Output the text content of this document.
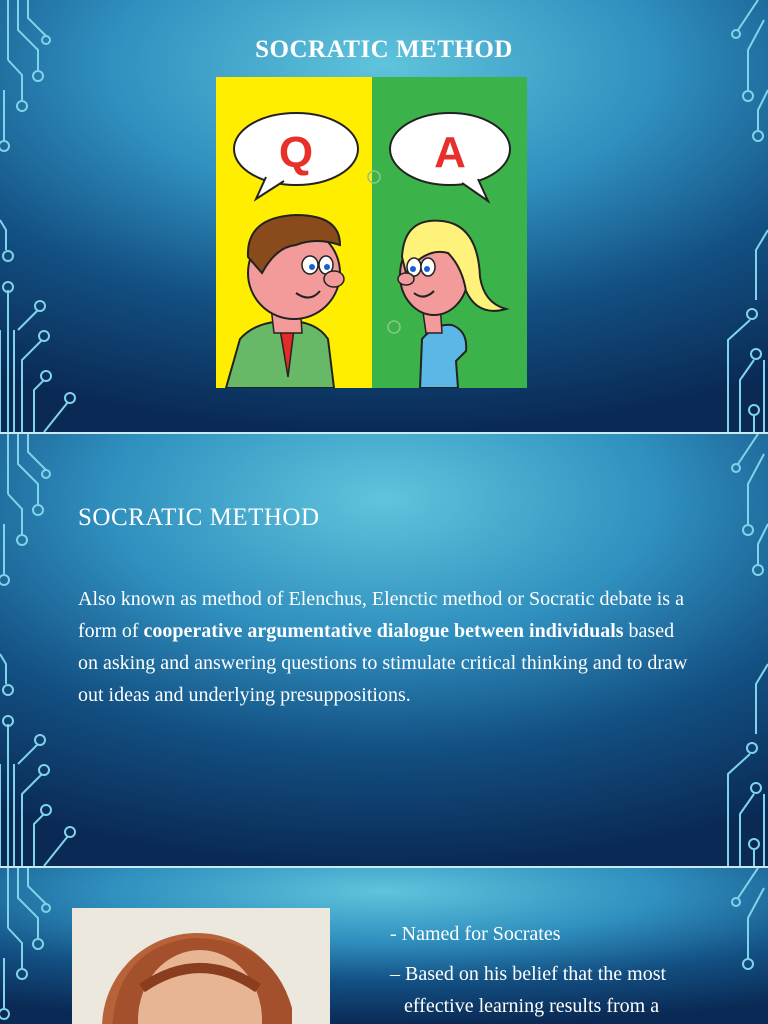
SOCRATIC METHOD
Q	A
SOCRATIC METHOD

Also known as method of Elenchus, Elenctic method or Socratic debate is a form of cooperative argumentative dialogue between individuals based on asking and answering questions to stimulate critical thinking and to draw out ideas and underlying presuppositions.

- Named for Socrates
– Based on his belief that the most
effective learning results from a
